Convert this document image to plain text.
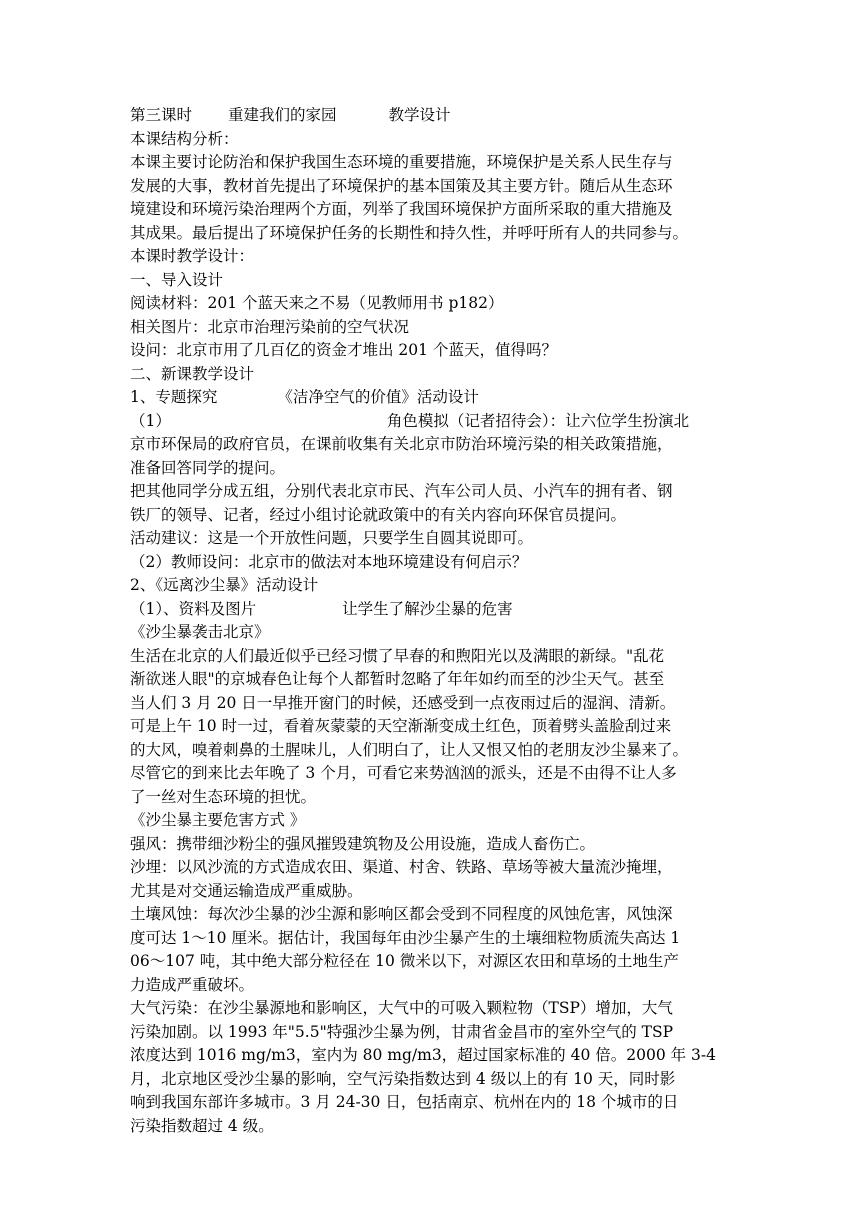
第三课时 重建我们的家园	教学设计
本课结构分析：
本课主要讨论防治和保护我国生态环境的重要措施，环境保护是关系人民生存与
发展的大事，教材首先提出了环境保护的基本国策及其主要方针。随后从生态环
境建设和环境污染治理两个方面，列举了我国环境保护方面所采取的重大措施及
其成果。最后提出了环境保护任务的长期性和持久性，并呼吁所有人的共同参与。
本课时教学设计：
一、导入设计
阅读材料：201 个蓝天来之不易（见教师用书 p182）
相关图片：北京市治理污染前的空气状况
设问：北京市用了几百亿的资金才堆出 201 个蓝天，值得吗？
二、新课教学设计
1、专题探究	《洁净空气的价值》活动设计
（1）	角色模拟（记者招待会）：让六位学生扮演北
京市环保局的政府官员，在课前收集有关北京市防治环境污染的相关政策措施，
准备回答同学的提问。
把其他同学分成五组，分别代表北京市民、汽车公司人员、小汽车的拥有者、钢
铁厂的领导、记者，经过小组讨论就政策中的有关内容向环保官员提问。
活动建议：这是一个开放性问题，只要学生自圆其说即可。
（2）教师设问：北京市的做法对本地环境建设有何启示？
2、《远离沙尘暴》活动设计
（1）、资料及图片	让学生了解沙尘暴的危害
《沙尘暴袭击北京》
生活在北京的人们最近似乎已经习惯了早春的和煦阳光以及满眼的新绿。"乱花
渐欲迷人眼"的京城春色让每个人都暂时忽略了年年如约而至的沙尘天气。甚至
当人们 3 月 20 日一早推开窗门的时候，还感受到一点夜雨过后的湿润、清新。
可是上午 10 时一过，看着灰蒙蒙的天空渐渐变成土红色，顶着劈头盖脸刮过来
的大风，嗅着刺鼻的土腥味儿，人们明白了，让人又恨又怕的老朋友沙尘暴来了。
尽管它的到来比去年晚了 3 个月，可看它来势汹汹的派头，还是不由得不让人多
了一丝对生态环境的担忧。
《沙尘暴主要危害方式 》
强风：携带细沙粉尘的强风摧毁建筑物及公用设施，造成人畜伤亡。
沙埋：以风沙流的方式造成农田、渠道、村舍、铁路、草场等被大量流沙掩埋，
尤其是对交通运输造成严重威胁。
土壤风蚀：每次沙尘暴的沙尘源和影响区都会受到不同程度的风蚀危害，风蚀深
度可达 1～10 厘米。据估计，我国每年由沙尘暴产生的土壤细粒物质流失高达 1
06～107 吨，其中绝大部分粒径在 10 微米以下，对源区农田和草场的土地生产
力造成严重破坏。
大气污染：在沙尘暴源地和影响区，大气中的可吸入颗粒物（TSP）增加，大气
污染加剧。以 1993 年"5.5"特强沙尘暴为例，甘肃省金昌市的室外空气的 TSP
浓度达到 1016 mg/m3，室内为 80 mg/m3，超过国家标准的 40 倍。2000 年 3-4
月，北京地区受沙尘暴的影响，空气污染指数达到 4 级以上的有 10 天，同时影
响到我国东部许多城市。3 月 24-30 日，包括南京、杭州在内的 18 个城市的日
污染指数超过 4 级。
